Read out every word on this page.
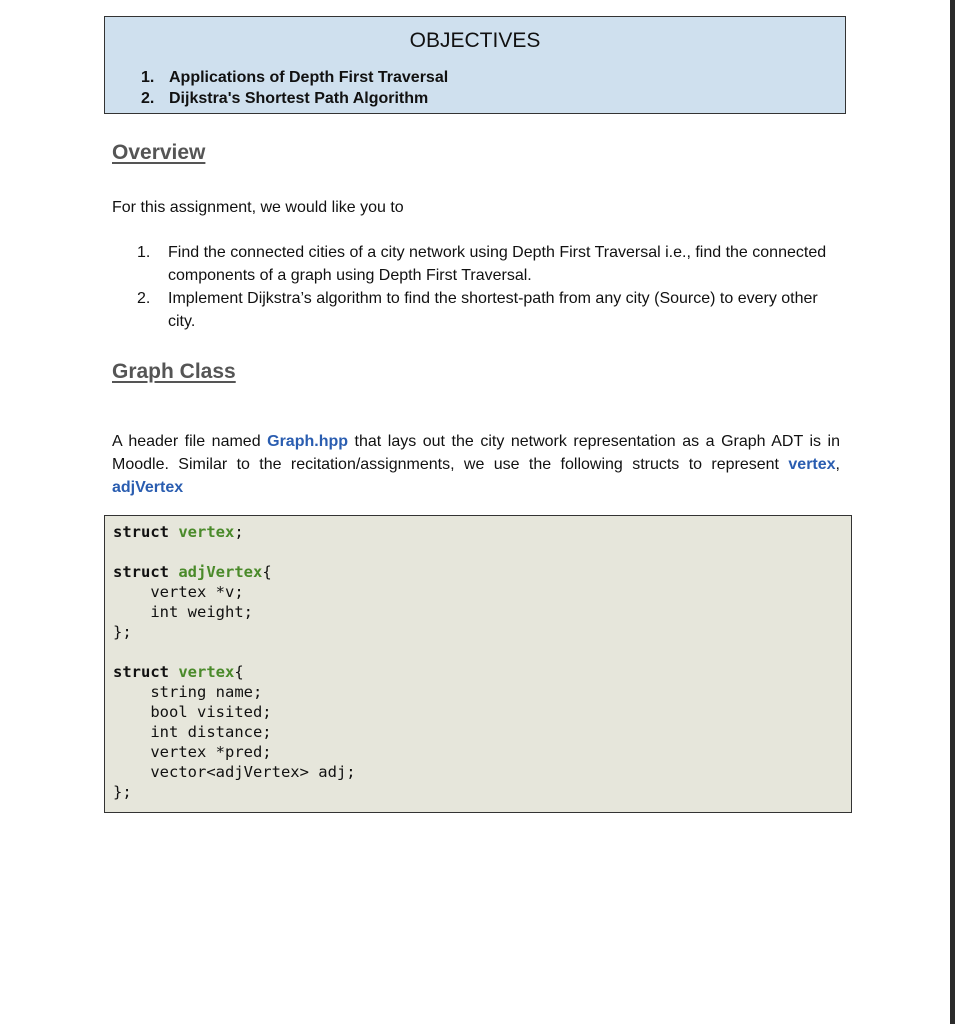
OBJECTIVES
1. Applications of Depth First Traversal
2. Dijkstra's Shortest Path Algorithm
Overview
For this assignment, we would like you to
1. Find the connected cities of a city network using Depth First Traversal i.e., find the connected components of a graph using Depth First Traversal.
2. Implement Dijkstra’s algorithm to find the shortest-path from any city (Source) to every other city.
Graph Class
A header file named Graph.hpp that lays out the city network representation as a Graph ADT is in Moodle. Similar to the recitation/assignments, we use the following structs to represent vertex, adjVertex
struct vertex;

struct adjVertex{
vertex *v;
int weight;
};

struct vertex{
string name;
bool visited;
int distance;
vertex *pred;
vector<adjVertex> adj;
};
